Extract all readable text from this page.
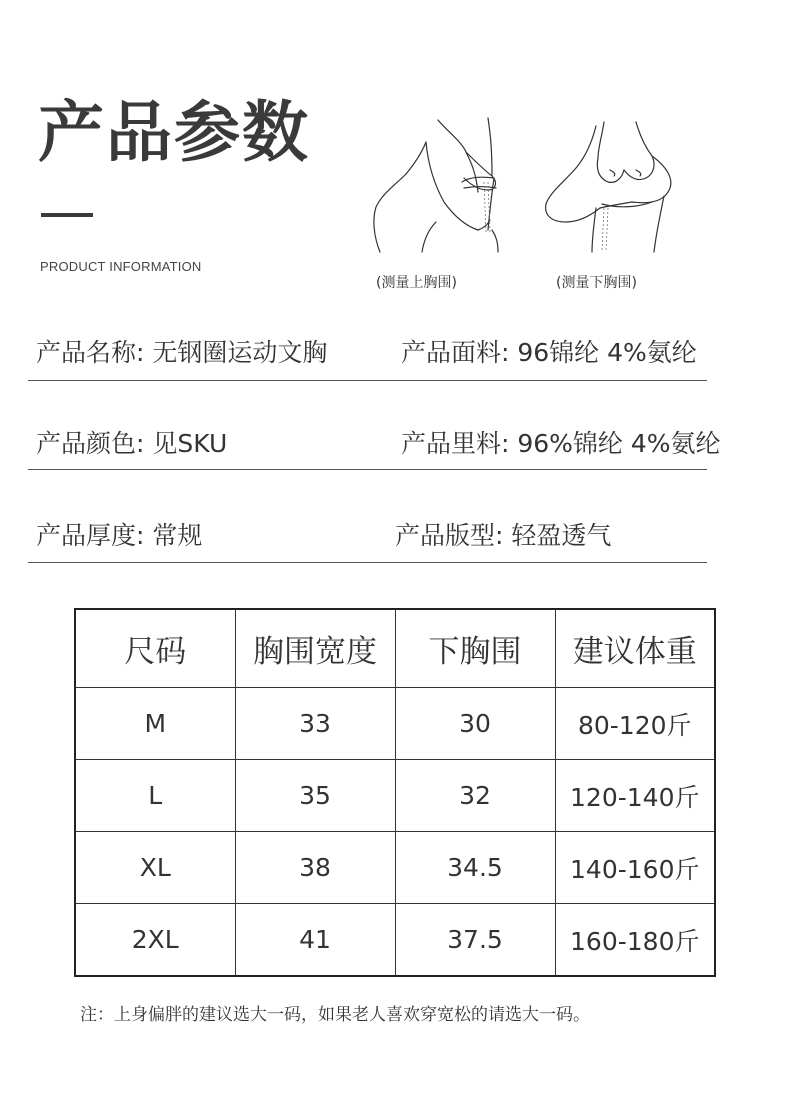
产品参数
PRODUCT INFORMATION
(测量上胸围)	(测量下胸围)
产品名称: 无钢圈运动文胸	产品面料: 96锦纶 4%氨纶
产品颜色: 见SKU	产品里料: 96%锦纶 4%氨纶
产品厚度: 常规	产品版型: 轻盈透气
尺码	胸围宽度	下胸围	建议体重
M	33	30	80-120斤
L	35	32	120-140斤
XL	38	34.5	140-160斤
2XL	41	37.5	160-180斤
注：上身偏胖的建议选大一码，如果老人喜欢穿宽松的请选大一码。
